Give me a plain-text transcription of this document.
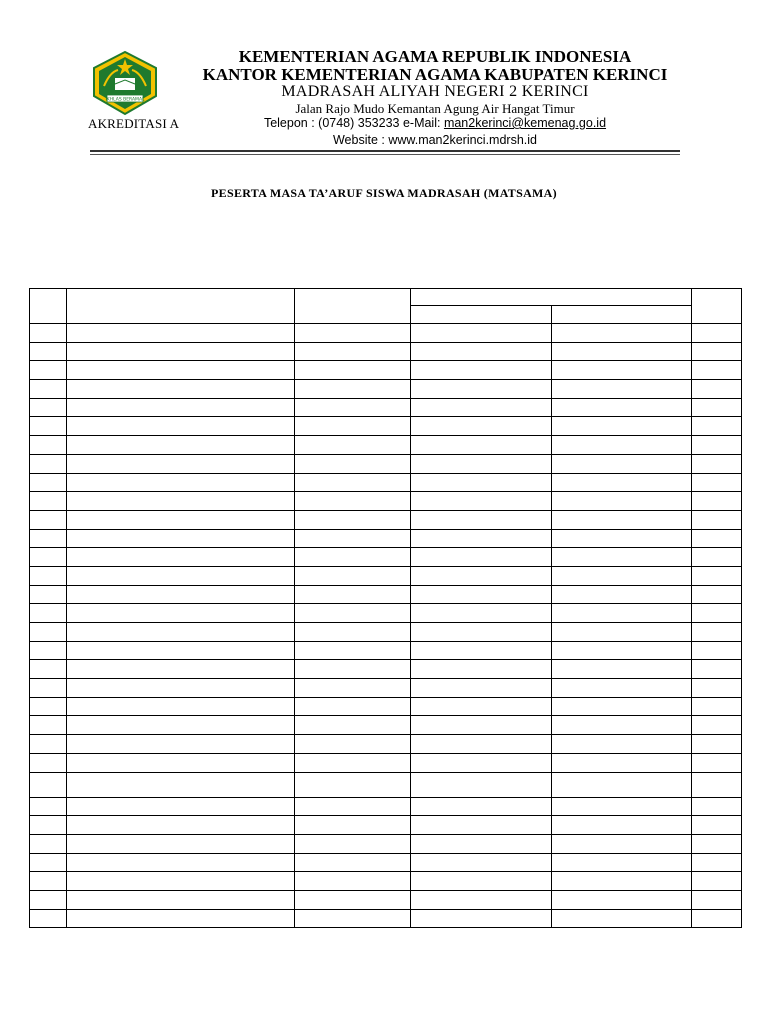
IKHLAS BERAMAL
AKREDITASI A
KEMENTERIAN AGAMA REPUBLIK INDONESIA
KANTOR KEMENTERIAN AGAMA KABUPATEN KERINCI
MADRASAH ALIYAH NEGERI 2 KERINCI
Jalan Rajo Mudo Kemantan Agung Air Hangat Timur
Telepon : (0748) 353233 e-Mail: man2kerinci@kemenag.go.id
Website : www.man2kerinci.mdrsh.id
PESERTA MASA TA’ARUF SISWA MADRASAH (MATSAMA)
